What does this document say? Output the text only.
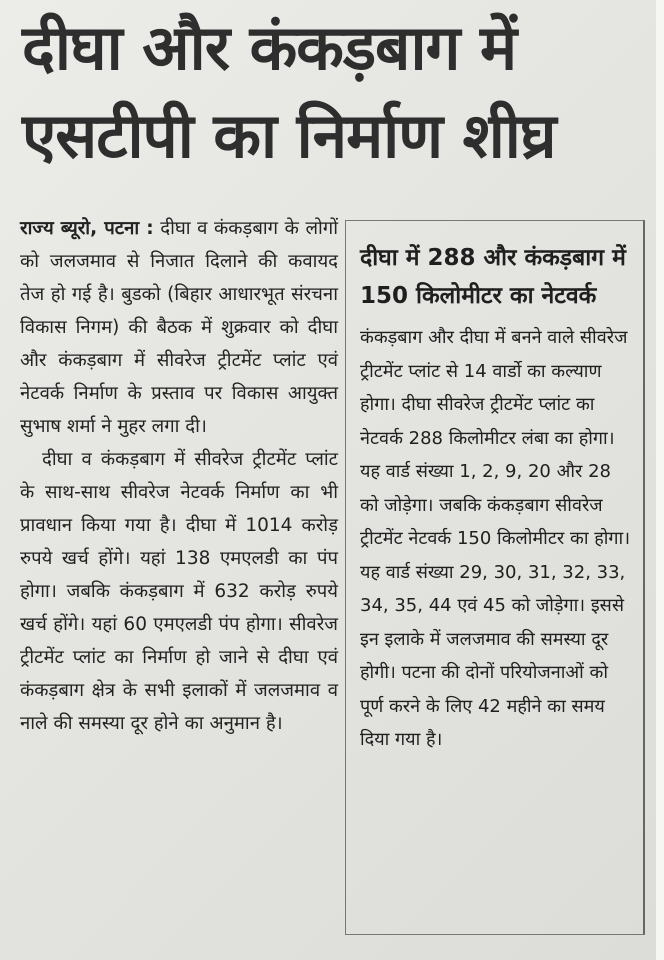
दीघा और कंकड़बाग में
एसटीपी का निर्माण शीघ्र

राज्य ब्यूरो, पटना : दीघा व कंकड़बाग के लोगों को जलजमाव से निजात दिलाने की कवायद तेज हो गई है। बुडको (बिहार आधारभूत संरचना विकास निगम) की बैठक में शुक्रवार को दीघा और कंकड़बाग में सीवरेज ट्रीटमेंट प्लांट एवं नेटवर्क निर्माण के प्रस्ताव पर विकास आयुक्त सुभाष शर्मा ने मुहर लगा दी।

दीघा व कंकड़बाग में सीवरेज ट्रीटमेंट प्लांट के साथ-साथ सीवरेज नेटवर्क निर्माण का भी प्रावधान किया गया है। दीघा में 1014 करोड़ रुपये खर्च होंगे। यहां 138 एमएलडी का पंप होगा। जबकि कंकड़बाग में 632 करोड़ रुपये खर्च होंगे। यहां 60 एमएलडी पंप होगा। सीवरेज ट्रीटमेंट प्लांट का निर्माण हो जाने से दीघा एवं कंकड़बाग क्षेत्र के सभी इलाकों में जलजमाव व नाले की समस्या दूर होने का अनुमान है।

दीघा में 288 और कंकड़बाग में 150 किलोमीटर का नेटवर्क

कंकड़बाग और दीघा में बनने वाले सीवरेज ट्रीटमेंट प्लांट से 14 वार्डो का कल्याण होगा। दीघा सीवरेज ट्रीटमेंट प्लांट का नेटवर्क 288 किलोमीटर लंबा का होगा। यह वार्ड संख्या 1, 2, 9, 20 और 28 को जोड़ेगा। जबकि कंकड़बाग सीवरेज ट्रीटमेंट नेटवर्क 150 किलोमीटर का होगा। यह वार्ड संख्या 29, 30, 31, 32, 33, 34, 35, 44 एवं 45 को जोड़ेगा। इससे इन इलाके में जलजमाव की समस्या दूर होगी। पटना की दोनों परियोजनाओं को पूर्ण करने के लिए 42 महीने का समय दिया गया है।
